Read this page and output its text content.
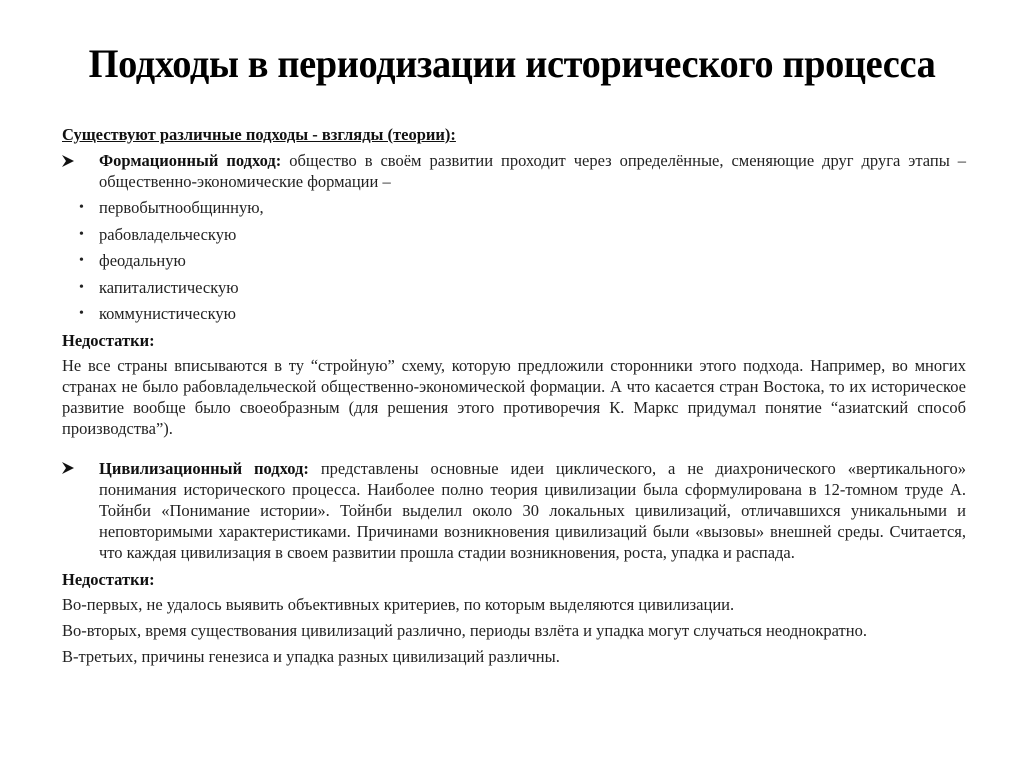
Подходы в периодизации исторического процесса

Существуют различные подходы - взгляды (теории):

Формационный подход: общество в своём развитии проходит через определённые, сменяющие друг друга этапы – общественно-экономические формации –
• первобытнообщинную,
• рабовладельческую
• феодальную
• капиталистическую
• коммунистическую

Недостатки:

Не все страны вписываются в ту “стройную” схему, которую предложили сторонники этого подхода. Например, во многих странах не было рабовладельческой общественно-экономической формации. А что касается стран Востока, то их историческое развитие вообще было своеобразным (для решения этого противоречия К. Маркс придумал понятие “азиатский способ производства”).

Цивилизационный подход: представлены основные идеи циклического, а не диахронического «вертикального» понимания исторического процесса. Наиболее полно теория цивилизации была сформулирована в 12-томном труде А. Тойнби «Понимание истории». Тойнби выделил около 30 локальных цивилизаций, отличавшихся уникальными и неповторимыми характеристиками. Причинами возникновения цивилизаций были «вызовы» внешней среды. Считается, что каждая цивилизация в своем развитии прошла стадии возникновения, роста, упадка и распада.

Недостатки:

Во-первых, не удалось выявить объективных критериев, по которым выделяются цивилизации.

Во-вторых, время существования цивилизаций различно, периоды взлёта и упадка могут случаться неоднократно.

В-третьих, причины генезиса и упадка разных цивилизаций различны.
